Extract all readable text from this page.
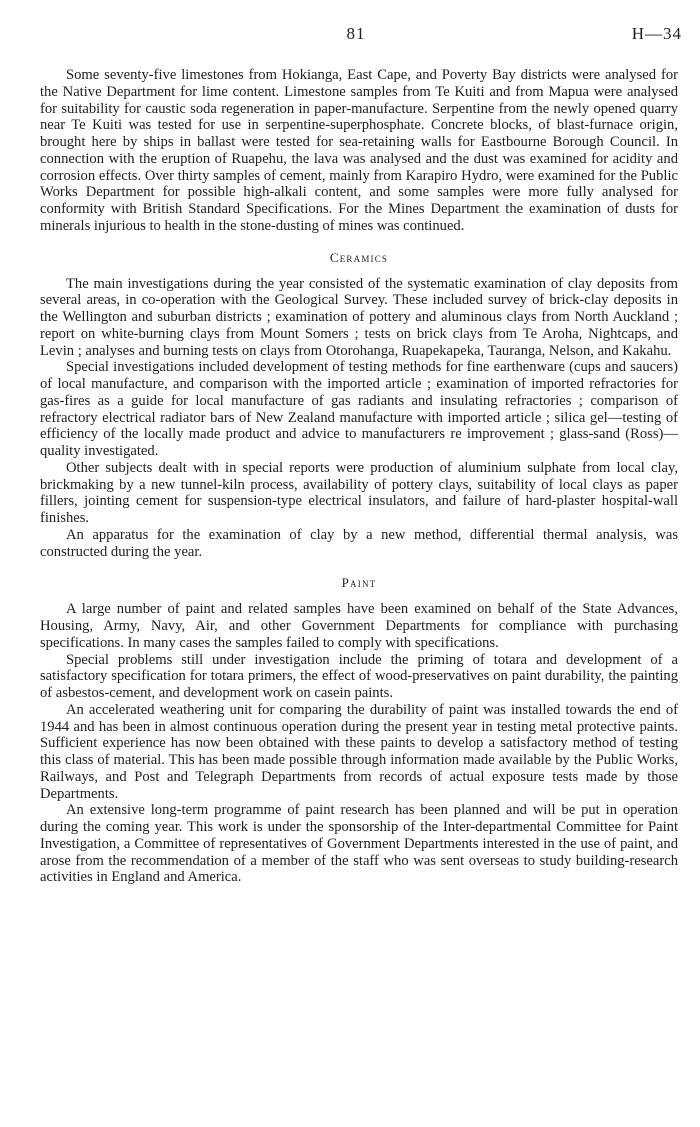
81	H—34

Some seventy-five limestones from Hokianga, East Cape, and Poverty Bay districts were analysed for the Native Department for lime content. Limestone samples from Te Kuiti and from Mapua were analysed for suitability for caustic soda regeneration in paper-manufacture. Serpentine from the newly opened quarry near Te Kuiti was tested for use in serpentine-superphosphate. Concrete blocks, of blast-furnace origin, brought here by ships in ballast were tested for sea-retaining walls for Eastbourne Borough Council. In connection with the eruption of Ruapehu, the lava was analysed and the dust was examined for acidity and corrosion effects. Over thirty samples of cement, mainly from Karapiro Hydro, were examined for the Public Works Department for possible high-alkali content, and some samples were more fully analysed for conformity with British Standard Specifications. For the Mines Department the examination of dusts for minerals injurious to health in the stone-dusting of mines was continued.

Ceramics

The main investigations during the year consisted of the systematic examination of clay deposits from several areas, in co-operation with the Geological Survey. These included survey of brick-clay deposits in the Wellington and suburban districts ; examination of pottery and aluminous clays from North Auckland ; report on white-burning clays from Mount Somers ; tests on brick clays from Te Aroha, Nightcaps, and Levin ; analyses and burning tests on clays from Otorohanga, Ruapekapeka, Tauranga, Nelson, and Kakahu.

Special investigations included development of testing methods for fine earthenware (cups and saucers) of local manufacture, and comparison with the imported article ; examination of imported refractories for gas-fires as a guide for local manufacture of gas radiants and insulating refractories ; comparison of refractory electrical radiator bars of New Zealand manufacture with imported article ; silica gel—testing of efficiency of the locally made product and advice to manufacturers re improvement ; glass-sand (Ross)—quality investigated.

Other subjects dealt with in special reports were production of aluminium sulphate from local clay, brickmaking by a new tunnel-kiln process, availability of pottery clays, suitability of local clays as paper fillers, jointing cement for suspension-type electrical insulators, and failure of hard-plaster hospital-wall finishes.

An apparatus for the examination of clay by a new method, differential thermal analysis, was constructed during the year.

Paint

A large number of paint and related samples have been examined on behalf of the State Advances, Housing, Army, Navy, Air, and other Government Departments for compliance with purchasing specifications. In many cases the samples failed to comply with specifications.

Special problems still under investigation include the priming of totara and development of a satisfactory specification for totara primers, the effect of wood-preservatives on paint durability, the painting of asbestos-cement, and development work on casein paints.

An accelerated weathering unit for comparing the durability of paint was installed towards the end of 1944 and has been in almost continuous operation during the present year in testing metal protective paints. Sufficient experience has now been obtained with these paints to develop a satisfactory method of testing this class of material. This has been made possible through information made available by the Public Works, Railways, and Post and Telegraph Departments from records of actual exposure tests made by those Departments.

An extensive long-term programme of paint research has been planned and will be put in operation during the coming year. This work is under the sponsorship of the Inter-departmental Committee for Paint Investigation, a Committee of representatives of Government Departments interested in the use of paint, and arose from the recommendation of a member of the staff who was sent overseas to study building-research activities in England and America.
